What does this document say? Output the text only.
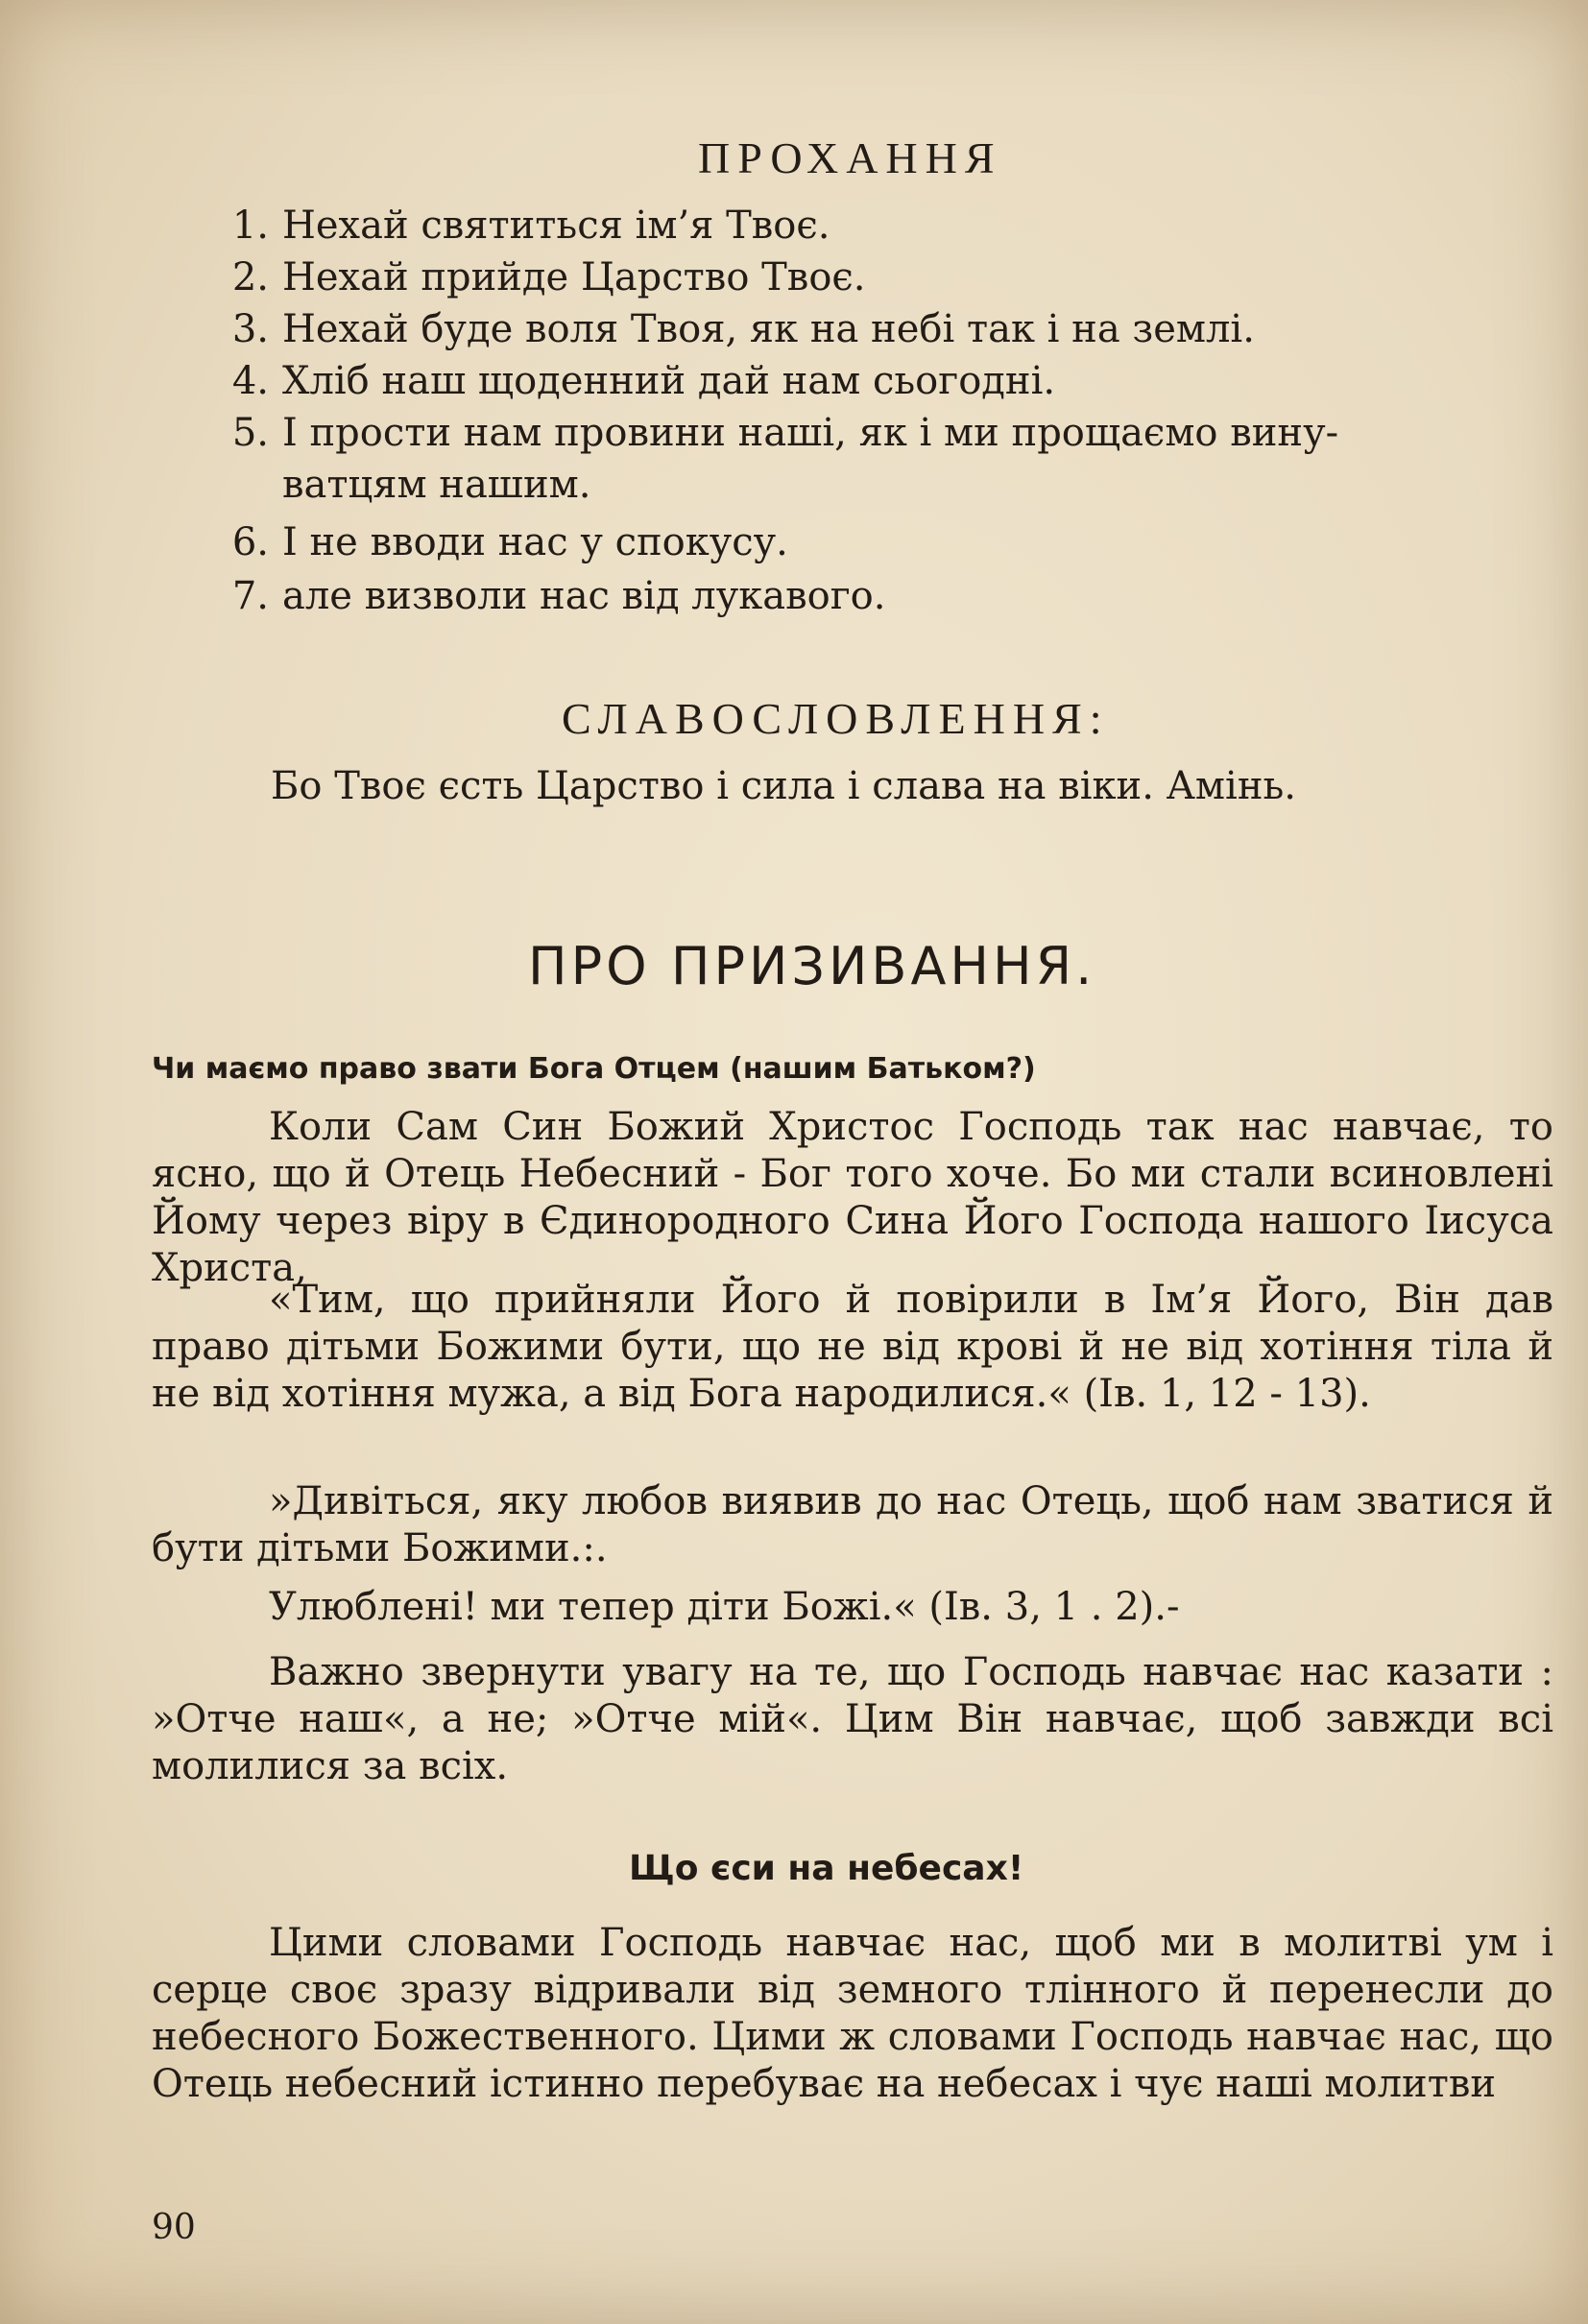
ПРОХАННЯ
1. Нехай святиться ім’я Твоє.
2. Нехай прийде Царство Твоє.
3. Нехай буде воля Твоя, як на небі так і на землі.
4. Хліб наш щоденний дай нам сьогодні.
5. І прости нам провини наші, як і ми прощаємо вину-
ватцям нашим.
6. І не вводи нас у спокусу.
7. але визволи нас від лукавого.
СЛАВОСЛОВЛЕННЯ:
Бо Твоє єсть Царство і сила і слава на віки. Амінь.
ПРО ПРИЗИВАННЯ.
Чи маємо право звати Бога Отцем (нашим Батьком?)
Коли Сам Син Божий Христос Господь так нас навчає, то ясно, що й Отець Небесний - Бог того хоче. Бо ми стали всиновлені Йому через віру в Єдинородного Сина Його Господа нашого Iисуса Христа,
«Тим, що прийняли Його й повірили в Ім’я Його, Він дав право дітьми Божими бути, що не від крові й не від хотіння тіла й не від хотіння мужа, а від Бога народилися.« (Ів. 1, 12 - 13).
»Дивіться, яку любов виявив до нас Отець, щоб нам зватися й бути дітьми Божими.:.
Улюблені! ми тепер діти Божі.« (Ів. 3, 1 . 2).-
Важно звернути увагу на те, що Господь навчає нас казати : »Отче наш«, а не; »Отче мій«. Цим Він навчає, щоб завжди всі молилися за всіх.
Що єси на небесах!
Цими словами Господь навчає нас, щоб ми в молитві ум і серце своє зразу відривали від земного тлінного й перенесли до небесного Божественного. Цими ж словами Господь навчає нас, що Отець небесний істинно перебуває на небесах і чує наші молитви
90
